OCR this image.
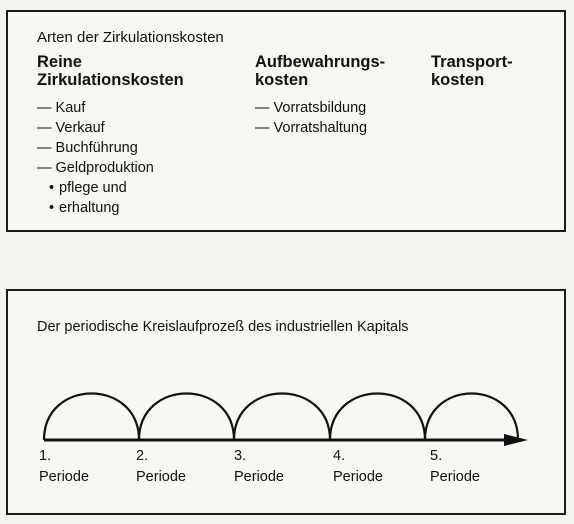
Arten der Zirkulationskosten
Reine
Zirkulationskosten
— Kauf
— Verkauf
— Buchführung
— Geldproduktion
• pflege und
• erhaltung
Aufbewahrungs-
kosten
— Vorratsbildung
— Vorratshaltung
Transport-
kosten
Der periodische Kreislaufprozeß des industriellen Kapitals
1.
Periode
2.
Periode
3.
Periode
4.
Periode
5.
Periode
